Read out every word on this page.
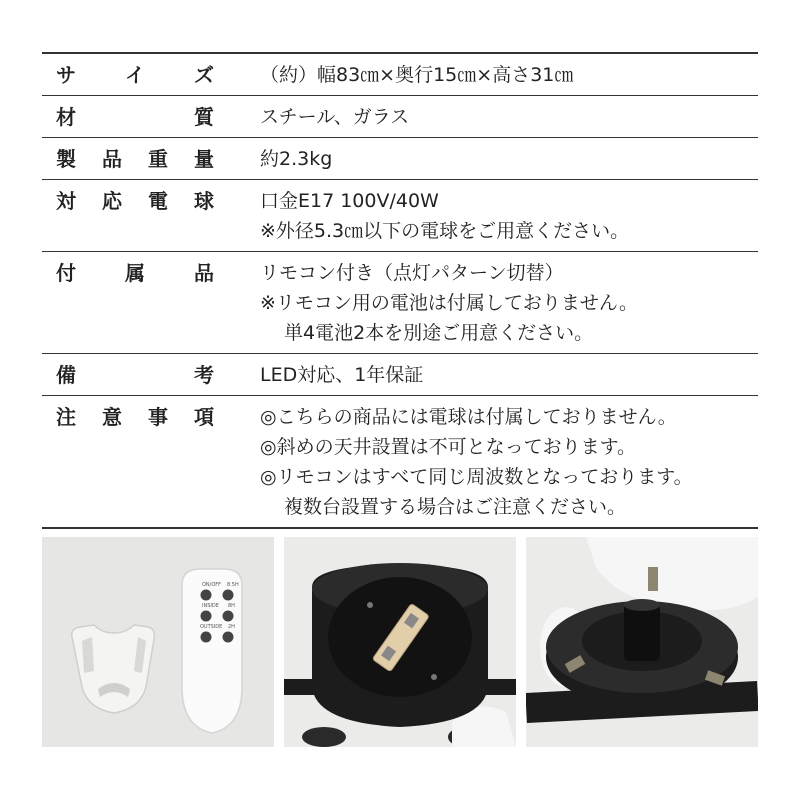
サ イ ズ （約）幅83㎝×奥行15㎝×高さ31㎝
材	質 スチール、ガラス
製 品 重 量 約2.3kg
対 応 電 球 口金E17 100V/40W
※外径5.3㎝以下の電球をご用意ください。
付 属 品 リモコン付き（点灯パターン切替）
※リモコン用の電池は付属しておりません。
単4電池2本を別途ご用意ください。
備	考 LED対応、1年保証
注 意 事 項 ◎こちらの商品には電球は付属しておりません。
◎斜めの天井設置は不可となっております。
◎リモコンはすべて同じ周波数となっております。
複数台設置する場合はご注意ください。
ON/OFF 8.5H
INSIDE 8H
OUTSIDE 2H
